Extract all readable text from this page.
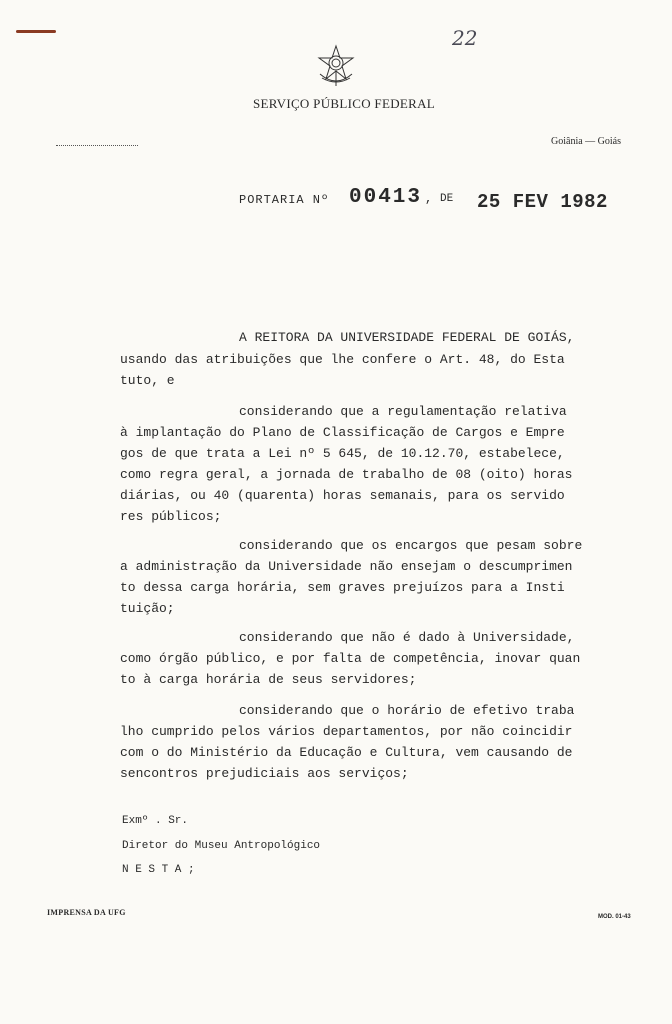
22
SERVIÇO PÚBLICO FEDERAL
Goiânia — Goiás
PORTARIA Nº 00413 , DE 25 FEV 1982
A REITORA DA UNIVERSIDADE FEDERAL DE GOIÁS,
usando das atribuições que lhe confere o Art. 48, do Esta
tuto, e
considerando que a regulamentação relativa
à implantação do Plano de Classificação de Cargos e Empre
gos de que trata a Lei nº 5 645, de 10.12.70, estabelece,
como regra geral, a jornada de trabalho de 08 (oito) horas
diárias, ou 40 (quarenta) horas semanais, para os servido
res públicos;
considerando que os encargos que pesam sobre
a administração da Universidade não ensejam o descumprimen
to dessa carga horária, sem graves prejuízos para a Insti
tuição;
considerando que não é dado à Universidade,
como órgão público, e por falta de competência, inovar quan
to à carga horária de seus servidores;
considerando que o horário de efetivo traba
lho cumprido pelos vários departamentos, por não coincidir
com o do Ministério da Educação e Cultura, vem causando de
sencontros prejudiciais aos serviços;
Exmº . Sr.
Diretor do Museu Antropológico
N E S T A ;
IMPRENSA DA UFG	MOD. 01-43
